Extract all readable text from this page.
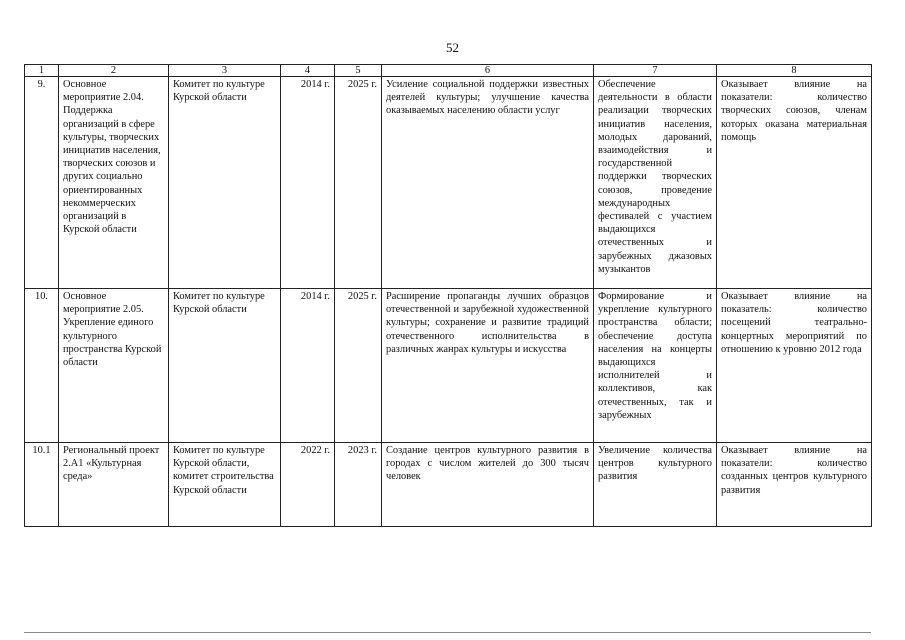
52
1	2	3	4	5	6	7	8
9.	Основное мероприятие 2.04. Поддержка организаций в сфере культуры, творческих инициатив населения, творческих союзов и других социально ориентированных некоммерческих организаций в Курской области	Комитет по культуре Курской области	2014 г.	2025 г.	Усиление социальной поддержки известных деятелей культуры; улучшение качества оказываемых населению области услуг	Обеспечение деятельности в области реализации творческих инициатив населения, молодых дарований, взаимодействия и государственной поддержки творческих союзов, проведение международных фестивалей с участием выдающихся отечественных и зарубежных джазовых музыкантов	Оказывает влияние на показатели: количество творческих союзов, членам которых оказана материальная помощь
10.	Основное мероприятие 2.05. Укрепление единого культурного пространства Курской области	Комитет по культуре Курской области	2014 г.	2025 г.	Расширение пропаганды лучших образцов отечественной и зарубежной художественной культуры; сохранение и развитие традиций отечественного исполнительства в различных жанрах культуры и искусства	Формирование и укрепление культурного пространства области; обеспечение доступа населения на концерты выдающихся исполнителей и коллективов, как отечественных, так и зарубежных	Оказывает влияние на показатель: количество посещений театрально-концертных мероприятий по отношению к уровню 2012 года
10.1	Региональный проект 2.А1 «Культурная среда»	Комитет по культуре Курской области, комитет строительства Курской области	2022 г.	2023 г.	Создание центров культурного развития в городах с числом жителей до 300 тысяч человек	Увеличение количества центров культурного развития	Оказывает влияние на показатели: количество созданных центров культурного развития
